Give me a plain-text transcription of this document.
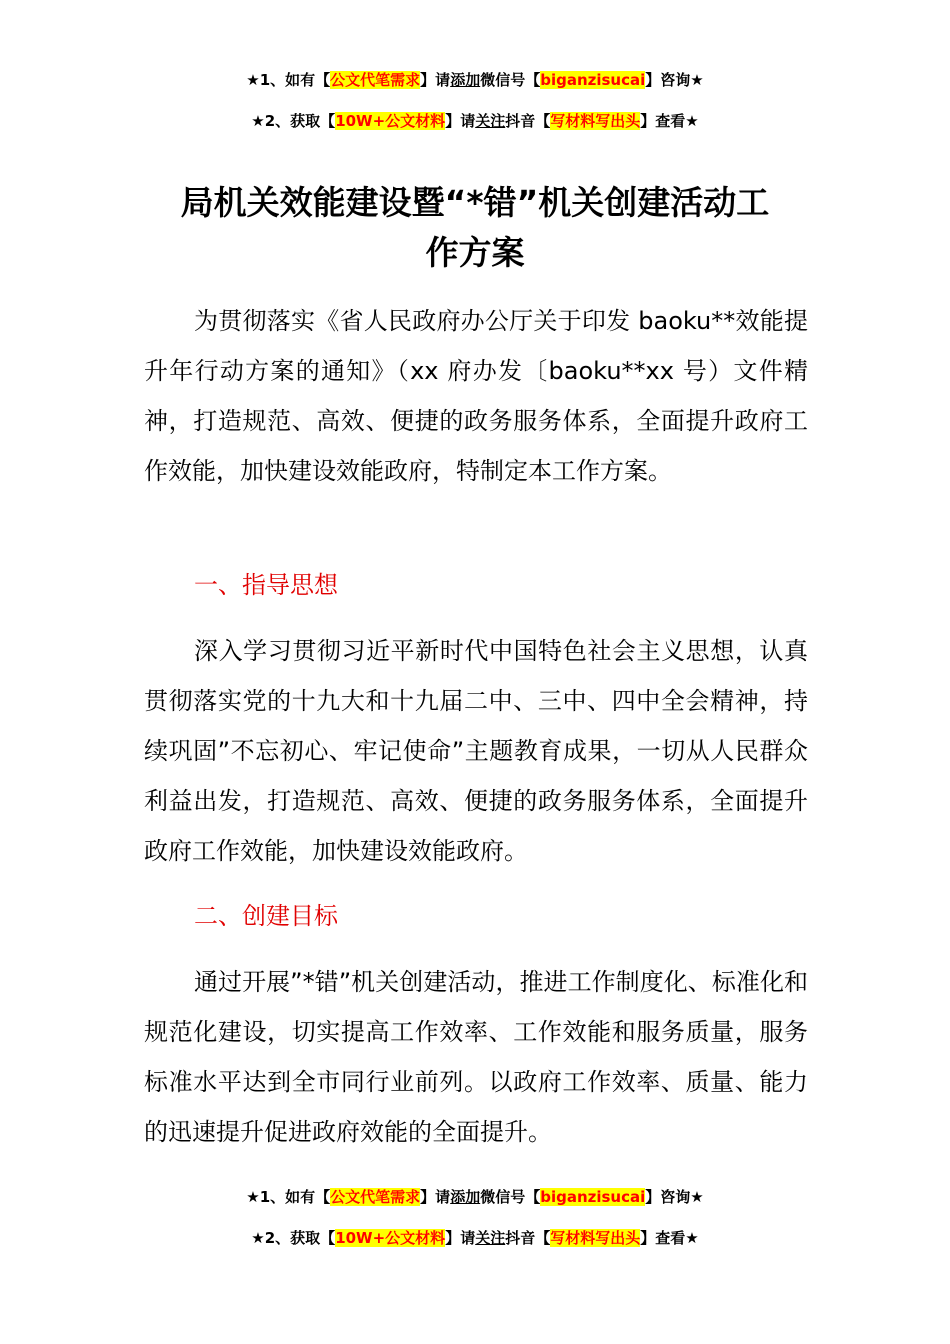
★1、如有【公文代笔需求】请添加微信号【biganzisucai】咨询★
★2、获取【10W+公文材料】请关注抖音【写材料写出头】查看★
局机关效能建设暨“*错”机关创建活动工
作方案

为贯彻落实《省人民政府办公厅关于印发 baoku**效能提升年行动方案的通知》（xx 府办发〔baoku**xx 号）文件精神，打造规范、高效、便捷的政务服务体系，全面提升政府工作效能，加快建设效能政府，特制定本工作方案。

一、指导思想

深入学习贯彻习近平新时代中国特色社会主义思想，认真贯彻落实党的十九大和十九届二中、三中、四中全会精神，持续巩固”不忘初心、牢记使命”主题教育成果，一切从人民群众利益出发，打造规范、高效、便捷的政务服务体系，全面提升政府工作效能，加快建设效能政府。

二、创建目标

通过开展”*错”机关创建活动，推进工作制度化、标准化和规范化建设，切实提高工作效率、工作效能和服务质量，服务标准水平达到全市同行业前列。以政府工作效率、质量、能力的迅速提升促进政府效能的全面提升。

★1、如有【公文代笔需求】请添加微信号【biganzisucai】咨询★
★2、获取【10W+公文材料】请关注抖音【写材料写出头】查看★
